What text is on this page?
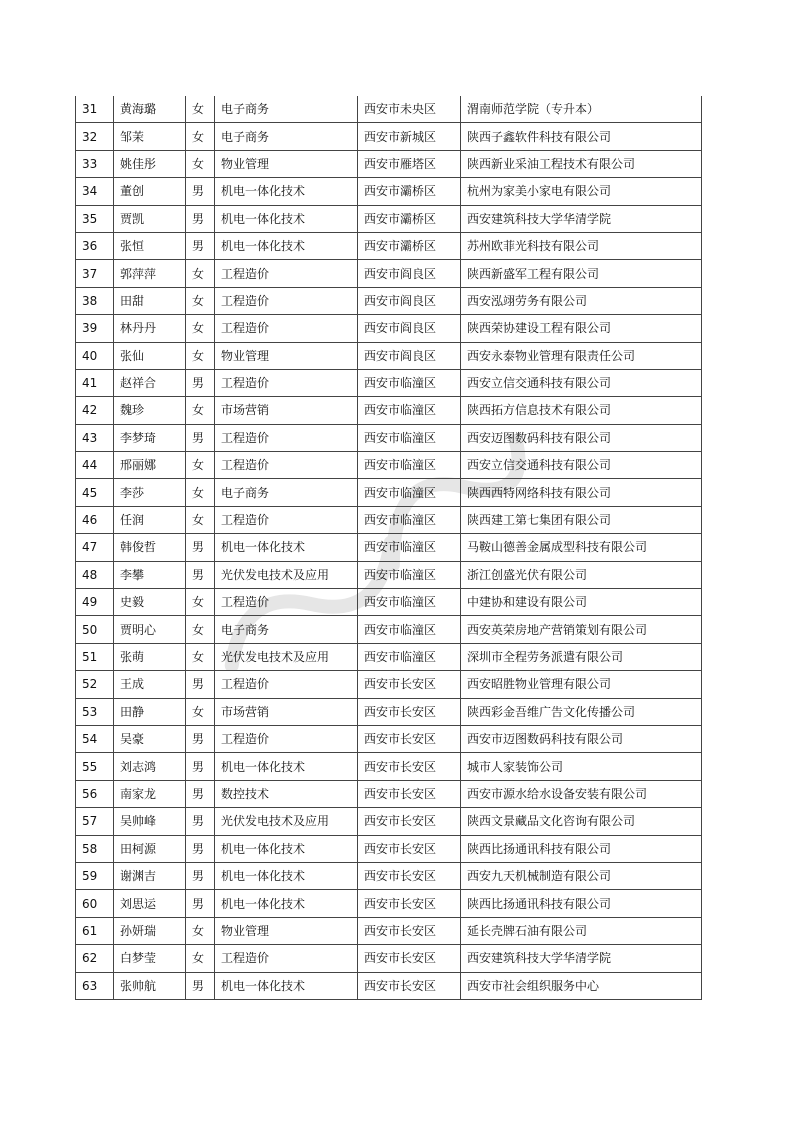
31	黄海璐	女	电子商务	西安市未央区	渭南师范学院（专升本）
32	邹茉	女	电子商务	西安市新城区	陕西子鑫软件科技有限公司
33	姚佳彤	女	物业管理	西安市雁塔区	陕西新业采油工程技术有限公司
34	董创	男	机电一体化技术	西安市灞桥区	杭州为家美小家电有限公司
35	贾凯	男	机电一体化技术	西安市灞桥区	西安建筑科技大学华清学院
36	张恒	男	机电一体化技术	西安市灞桥区	苏州欧菲光科技有限公司
37	郭萍萍	女	工程造价	西安市阎良区	陕西新盛军工程有限公司
38	田甜	女	工程造价	西安市阎良区	西安泓翊劳务有限公司
39	林丹丹	女	工程造价	西安市阎良区	陕西荣协建设工程有限公司
40	张仙	女	物业管理	西安市阎良区	西安永泰物业管理有限责任公司
41	赵祥合	男	工程造价	西安市临潼区	西安立信交通科技有限公司
42	魏珍	女	市场营销	西安市临潼区	陕西拓方信息技术有限公司
43	李梦琦	男	工程造价	西安市临潼区	西安迈图数码科技有限公司
44	邢丽娜	女	工程造价	西安市临潼区	西安立信交通科技有限公司
45	李莎	女	电子商务	西安市临潼区	陕西西特网络科技有限公司
46	任润	女	工程造价	西安市临潼区	陕西建工第七集团有限公司
47	韩俊哲	男	机电一体化技术	西安市临潼区	马鞍山德善金属成型科技有限公司
48	李攀	男	光伏发电技术及应用	西安市临潼区	浙江创盛光伏有限公司
49	史毅	女	工程造价	西安市临潼区	中建协和建设有限公司
50	贾明心	女	电子商务	西安市临潼区	西安英荣房地产营销策划有限公司
51	张萌	女	光伏发电技术及应用	西安市临潼区	深圳市全程劳务派遣有限公司
52	王成	男	工程造价	西安市长安区	西安昭胜物业管理有限公司
53	田静	女	市场营销	西安市长安区	陕西彩金吾维广告文化传播公司
54	吴豪	男	工程造价	西安市长安区	西安市迈图数码科技有限公司
55	刘志鸿	男	机电一体化技术	西安市长安区	城市人家装饰公司
56	南家龙	男	数控技术	西安市长安区	西安市源水给水设备安装有限公司
57	吴帅峰	男	光伏发电技术及应用	西安市长安区	陕西文景藏品文化咨询有限公司
58	田柯源	男	机电一体化技术	西安市长安区	陕西比扬通讯科技有限公司
59	谢渊吉	男	机电一体化技术	西安市长安区	西安九天机械制造有限公司
60	刘思运	男	机电一体化技术	西安市长安区	陕西比扬通讯科技有限公司
61	孙妍瑞	女	物业管理	西安市长安区	延长壳牌石油有限公司
62	白梦莹	女	工程造价	西安市长安区	西安建筑科技大学华清学院
63	张帅航	男	机电一体化技术	西安市长安区	西安市社会组织服务中心
